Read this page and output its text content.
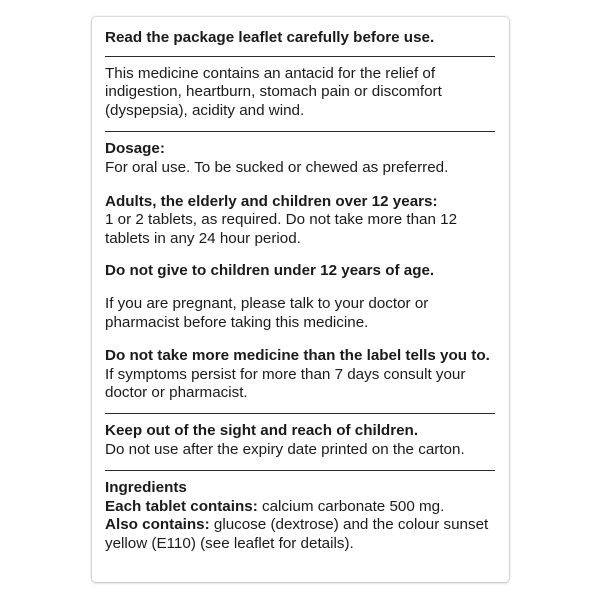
Read the package leaflet carefully before use.

This medicine contains an antacid for the relief of indigestion, heartburn, stomach pain or discomfort (dyspepsia), acidity and wind.

Dosage:

For oral use. To be sucked or chewed as preferred.

Adults, the elderly and children over 12 years:

1 or 2 tablets, as required. Do not take more than 12 tablets in any 24 hour period.

Do not give to children under 12 years of age.

If you are pregnant, please talk to your doctor or pharmacist before taking this medicine.

Do not take more medicine than the label tells you to. If symptoms persist for more than 7 days consult your doctor or pharmacist.

Keep out of the sight and reach of children.

Do not use after the expiry date printed on the carton.

Ingredients

Each tablet contains: calcium carbonate 500 mg.

Also contains: glucose (dextrose) and the colour sunset yellow (E110) (see leaflet for details).
